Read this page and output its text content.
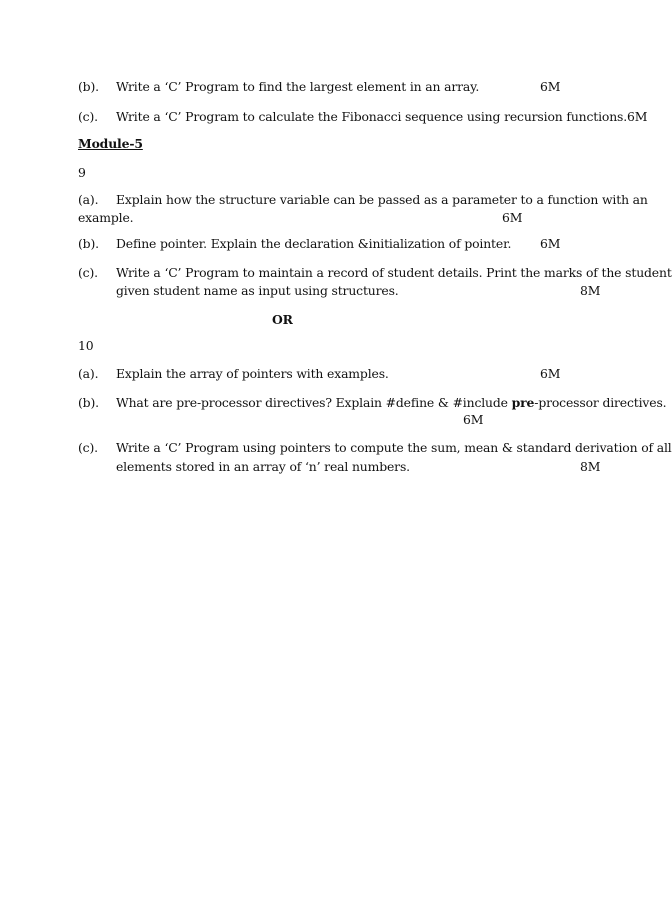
(b). Write a ‘C’ Program to find the largest element in an array.	6M
(c). Write a ‘C’ Program to calculate the Fibonacci sequence using recursion functions.6M
Module-5
9
(a). Explain how the structure variable can be passed as a parameter to a function with an
example.	6M
(b). Define pointer. Explain the declaration &initialization of pointer. 6M
(c). Write a ‘C’ Program to maintain a record of student details. Print the marks of the student
given student name as input using structures.	8M
OR
10
(a). Explain the array of pointers with examples.	6M
(b). What are pre-processor directives? Explain #define & #include pre-processor directives.
6M
(c). Write a ‘C’ Program using pointers to compute the sum, mean & standard derivation of all
elements stored in an array of ‘n’ real numbers.	8M
